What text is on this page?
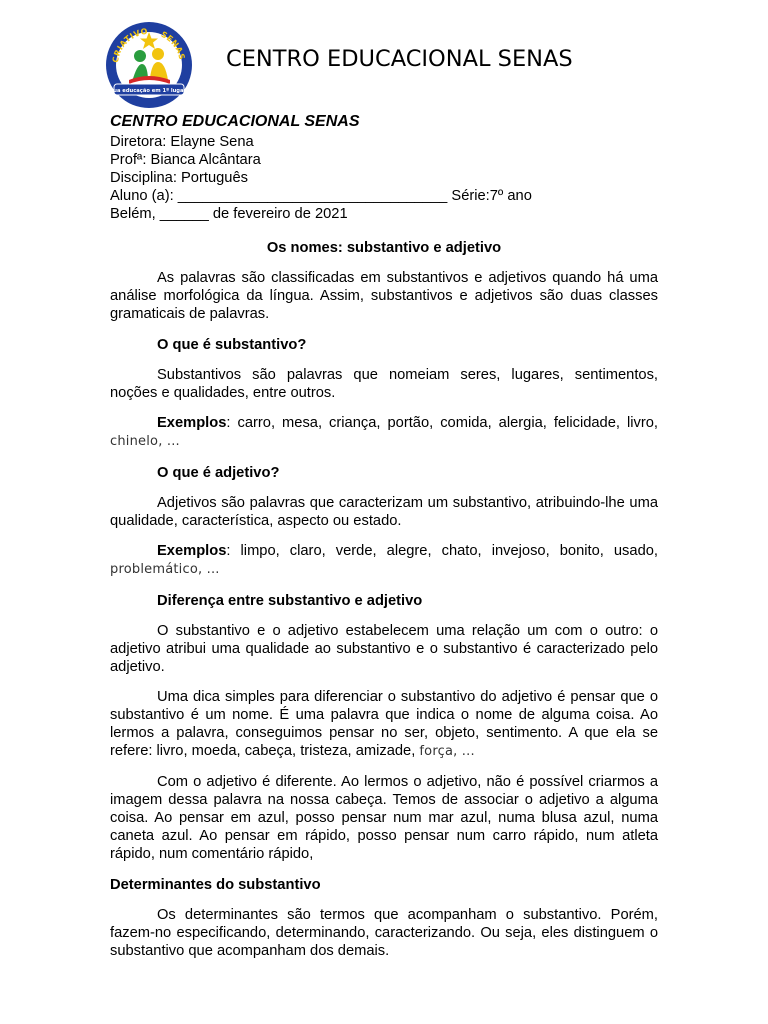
CRIATIVO SENAS
Sua educação em 1º lugar!
CENTRO EDUCACIONAL SENAS
CENTRO EDUCACIONAL SENAS
Diretora: Elayne Sena
Profª: Bianca Alcântara
Disciplina: Português
Aluno (a): _________________________________ Série:7º ano
Belém, ______ de fevereiro de 2021
Os nomes: substantivo e adjetivo
As palavras são classificadas em substantivos e adjetivos quando há uma análise morfológica da língua. Assim, substantivos e adjetivos são duas classes gramaticais de palavras.
O que é substantivo?
Substantivos são palavras que nomeiam seres, lugares, sentimentos, noções e qualidades, entre outros.
Exemplos: carro, mesa, criança, portão, comida, alergia, felicidade, livro, chinelo, ...
O que é adjetivo?
Adjetivos são palavras que caracterizam um substantivo, atribuindo-lhe uma qualidade, característica, aspecto ou estado.
Exemplos: limpo, claro, verde, alegre, chato, invejoso, bonito, usado, problemático, ...
Diferença entre substantivo e adjetivo
O substantivo e o adjetivo estabelecem uma relação um com o outro: o adjetivo atribui uma qualidade ao substantivo e o substantivo é caracterizado pelo adjetivo.
Uma dica simples para diferenciar o substantivo do adjetivo é pensar que o substantivo é um nome. É uma palavra que indica o nome de alguma coisa. Ao lermos a palavra, conseguimos pensar no ser, objeto, sentimento. A que ela se refere: livro, moeda, cabeça, tristeza, amizade, força, ...
Com o adjetivo é diferente. Ao lermos o adjetivo, não é possível criarmos a imagem dessa palavra na nossa cabeça. Temos de associar o adjetivo a alguma coisa. Ao pensar em azul, posso pensar num mar azul, numa blusa azul, numa caneta azul. Ao pensar em rápido, posso pensar num carro rápido, num atleta rápido, num comentário rápido,
Determinantes do substantivo
Os determinantes são termos que acompanham o substantivo. Porém, fazem-no especificando, determinando, caracterizando. Ou seja, eles distinguem o substantivo que acompanham dos demais.
